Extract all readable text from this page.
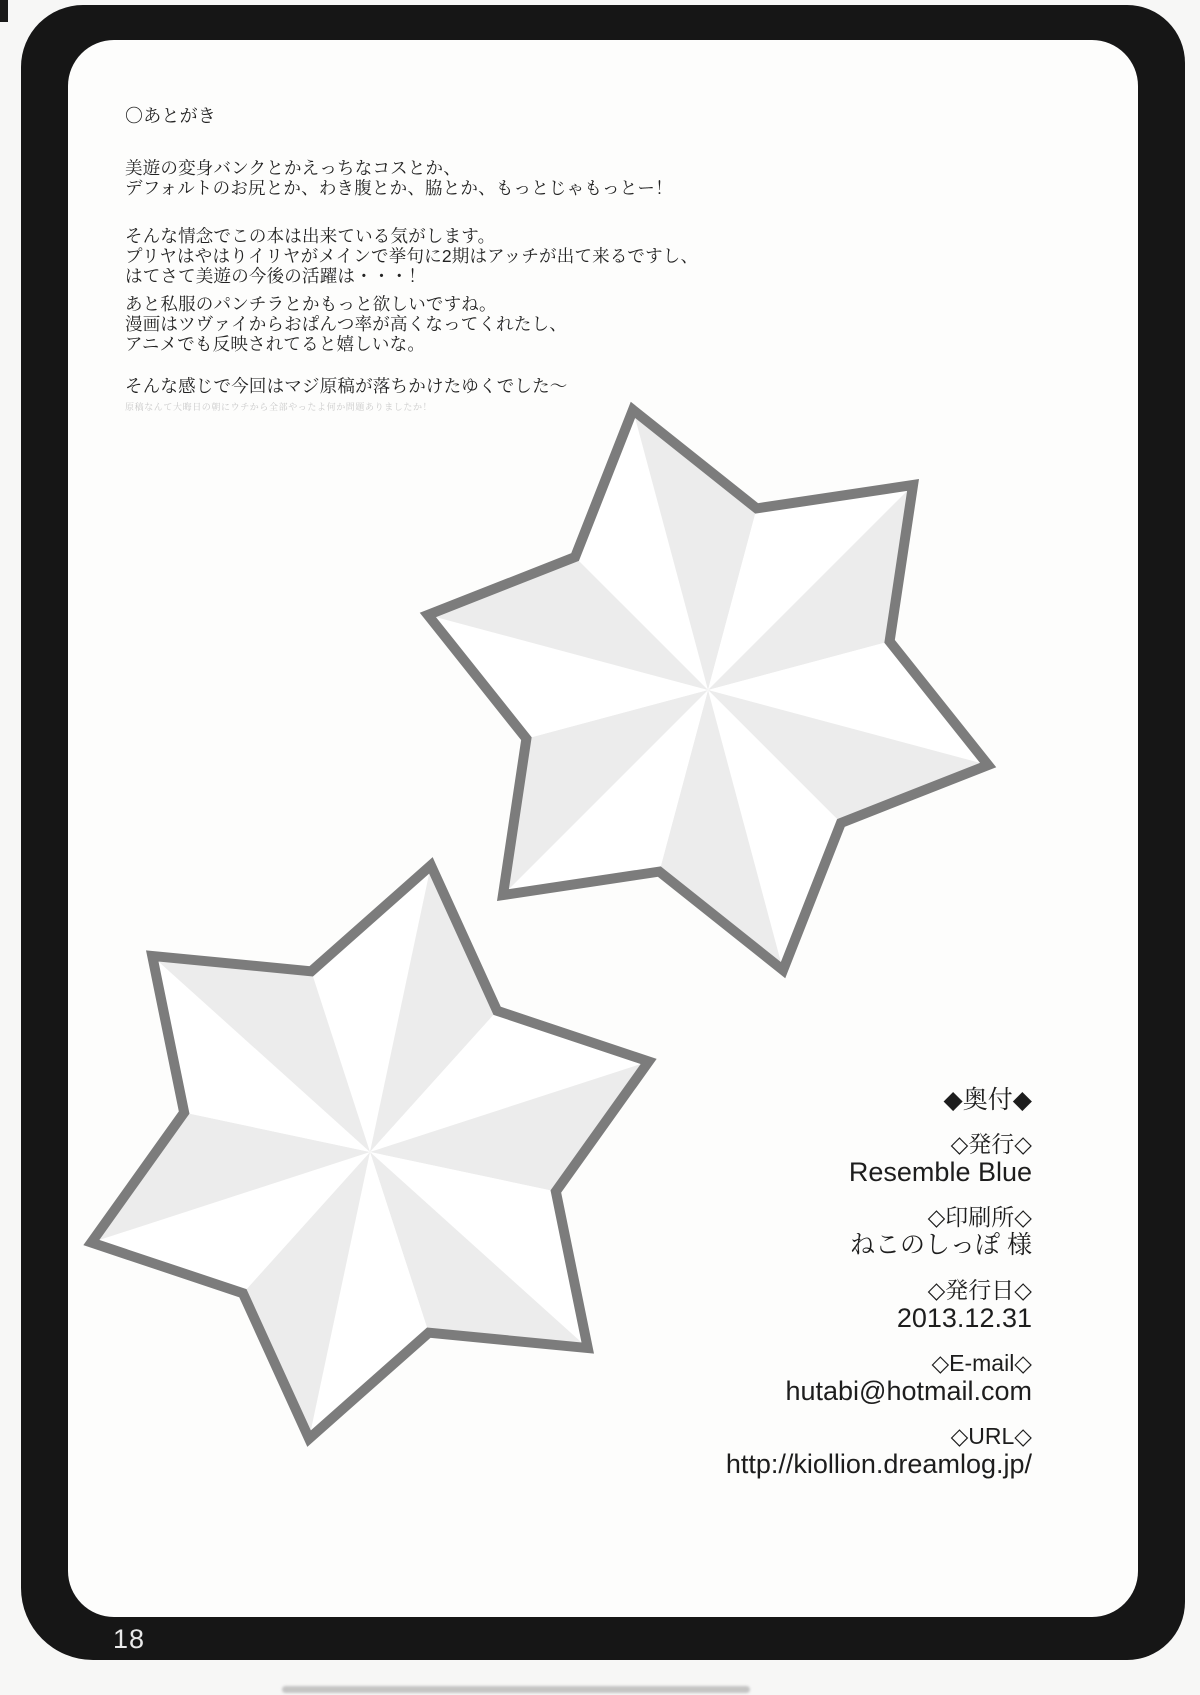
〇あとがき
美遊の変身バンクとかえっちなコスとか、
デフォルトのお尻とか、わき腹とか、脇とか、もっとじゃもっとー！
そんな情念でこの本は出来ている気がします。
プリヤはやはりイリヤがメインで挙句に2期はアッチが出て来るですし、
はてさて美遊の今後の活躍は・・・！
あと私服のパンチラとかもっと欲しいですね。
漫画はツヴァイからおぱんつ率が高くなってくれたし、
アニメでも反映されてると嬉しいな。
そんな感じで今回はマジ原稿が落ちかけたゆくでした〜
原稿なんて大晦日の朝にウチから全部やったよ何か問題ありましたか！
◆奥付◆
◇発行◇
Resemble Blue
◇印刷所◇
ねこのしっぽ 様
◇発行日◇
2013.12.31
◇E-mail◇
hutabi@hotmail.com
◇URL◇
http://kiollion.dreamlog.jp/
18
